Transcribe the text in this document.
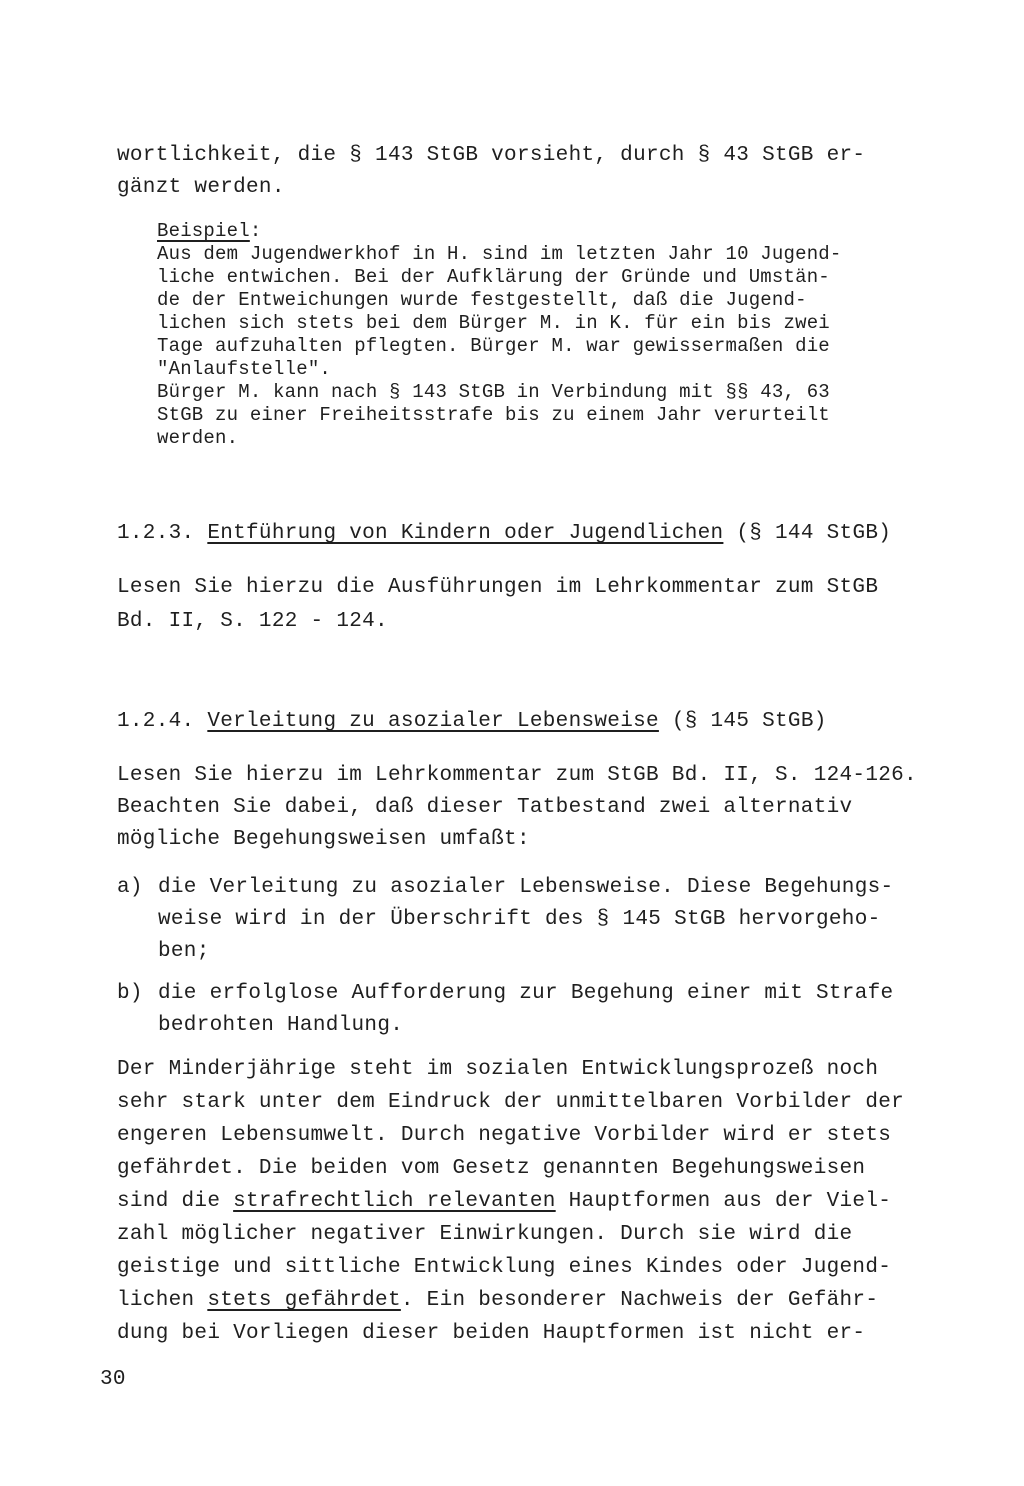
wortlichkeit, die § 143 StGB vorsieht, durch § 43 StGB er-
gänzt werden.
Beispiel:
Aus dem Jugendwerkhof in H. sind im letzten Jahr 10 Jugend-
liche entwichen. Bei der Aufklärung der Gründe und Umstän-
de der Entweichungen wurde festgestellt, daß die Jugend-
lichen sich stets bei dem Bürger M. in K. für ein bis zwei
Tage aufzuhalten pflegten. Bürger M. war gewissermaßen die
"Anlaufstelle".
Bürger M. kann nach § 143 StGB in Verbindung mit §§ 43, 63
StGB zu einer Freiheitsstrafe bis zu einem Jahr verurteilt
werden.
1.2.3. Entführung von Kindern oder Jugendlichen (§ 144 StGB)
Lesen Sie hierzu die Ausführungen im Lehrkommentar zum StGB
Bd. II, S. 122 - 124.
1.2.4. Verleitung zu asozialer Lebensweise (§ 145 StGB)
Lesen Sie hierzu im Lehrkommentar zum StGB Bd. II, S. 124-126.
Beachten Sie dabei, daß dieser Tatbestand zwei alternativ
mögliche Begehungsweisen umfaßt:
a) die Verleitung zu asozialer Lebensweise. Diese Begehungs-
weise wird in der Überschrift des § 145 StGB hervorgeho-
ben;
b) die erfolglose Aufforderung zur Begehung einer mit Strafe
bedrohten Handlung.
Der Minderjährige steht im sozialen Entwicklungsprozeß noch
sehr stark unter dem Eindruck der unmittelbaren Vorbilder der
engeren Lebensumwelt. Durch negative Vorbilder wird er stets
gefährdet. Die beiden vom Gesetz genannten Begehungsweisen
sind die strafrechtlich relevanten Hauptformen aus der Viel-
zahl möglicher negativer Einwirkungen. Durch sie wird die
geistige und sittliche Entwicklung eines Kindes oder Jugend-
lichen stets gefährdet. Ein besonderer Nachweis der Gefähr-
dung bei Vorliegen dieser beiden Hauptformen ist nicht er-
30
